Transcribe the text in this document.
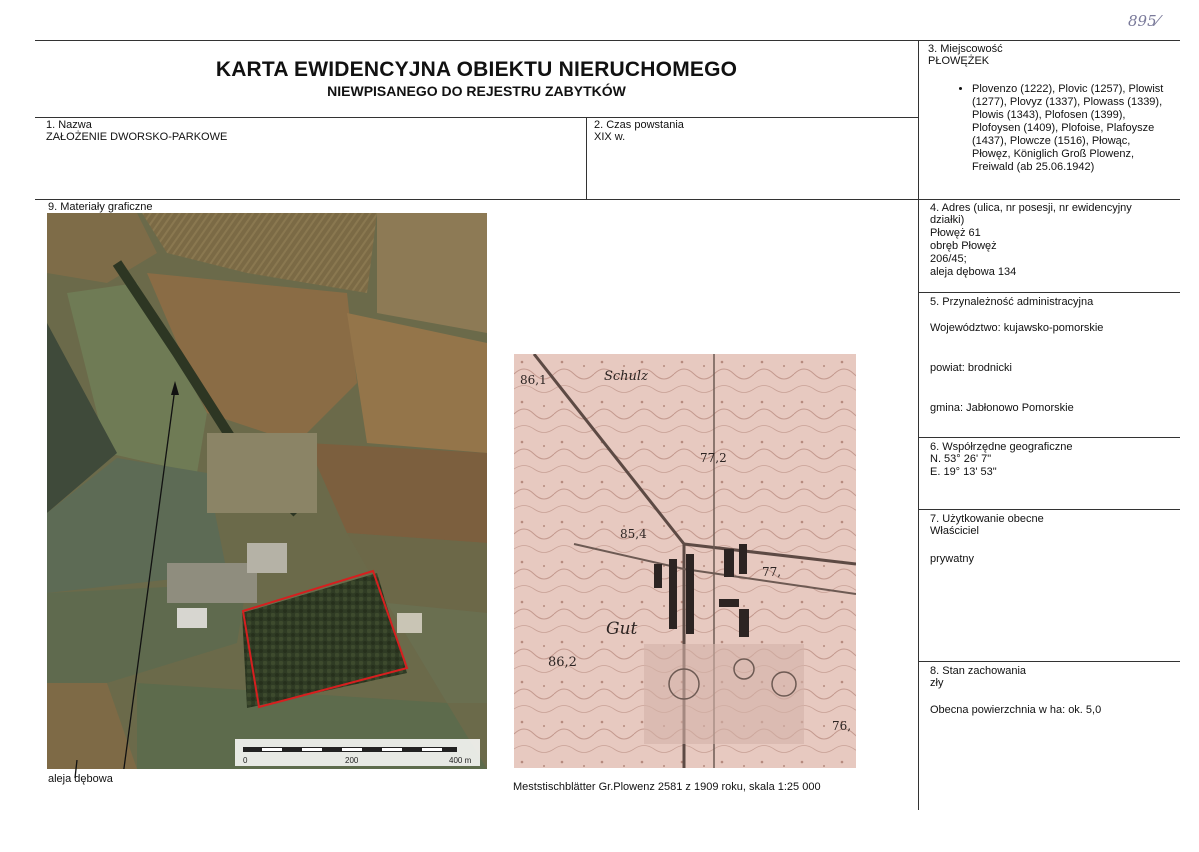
895⁄
KARTA EWIDENCYJNA OBIEKTU NIERUCHOMEGO
NIEWPISANEGO DO REJESTRU ZABYTKÓW
1. Nazwa
ZAŁOŻENIE DWORSKO-PARKOWE
2. Czas powstania
XIX w.
3. Miejscowość
PŁOWĘŻEK
• Plovenzo (1222), Plovic (1257), Plowist (1277), Plovyz (1337), Plowass (1339), Plowis (1343), Plofosen (1399), Plofoysen (1409), Plofoise, Plafoysze (1437), Plowcze (1516), Płowąc, Płowęz, Königlich Groß Plowenz, Freiwald (ab 25.06.1942)
4. Adres (ulica, nr posesji, nr ewidencyjny działki)
Płowęż 61
obręb Płowęż
206/45;
aleja dębowa 134
5. Przynależność administracyjna
Województwo: kujawsko-pomorskie
powiat: brodnicki
gmina: Jabłonowo Pomorskie
6. Współrzędne geograficzne
N. 53° 26' 7"
E. 19° 13' 53"
7. Użytkowanie obecne
Właściciel
prywatny
8. Stan zachowania
zły
Obecna powierzchnia w ha: ok. 5,0
9. Materiały graficzne
0	200	400 m
aleja dębowa
86,1	Schulz
77,2
85,4
77,
Gut
86,2
76,
Meststischblätter Gr.Plowenz 2581 z 1909 roku, skala 1:25 000
